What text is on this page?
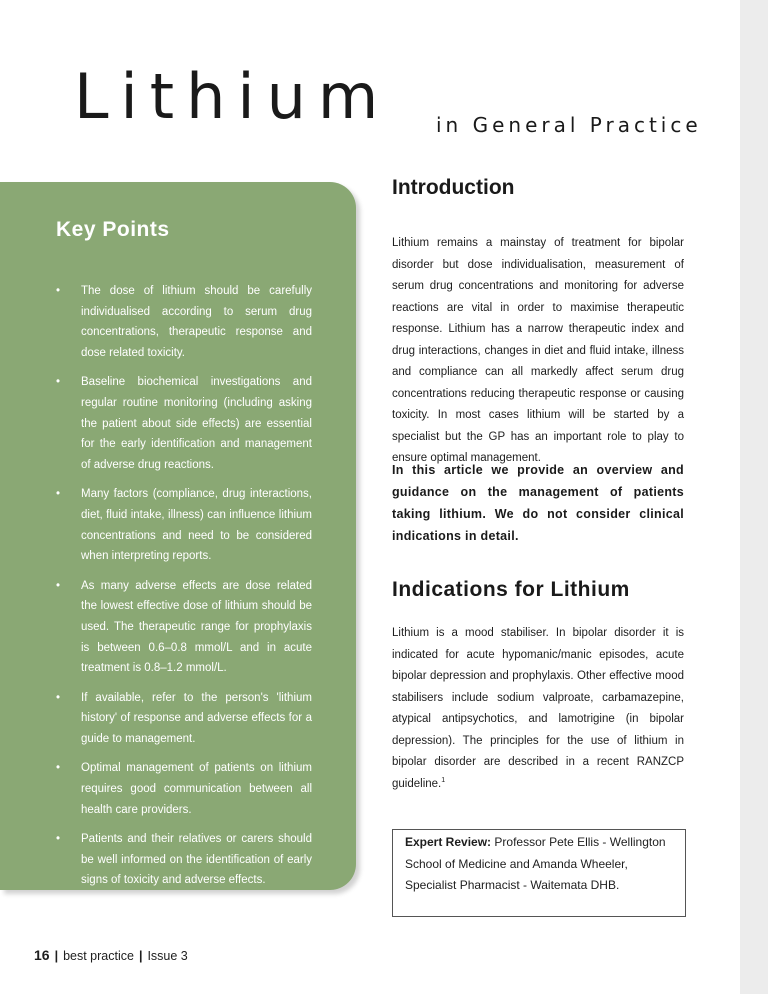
Lithium in General Practice
Key Points
• The dose of lithium should be carefully individualised according to serum drug concentrations, therapeutic response and dose related toxicity.
• Baseline biochemical investigations and regular routine monitoring (including asking the patient about side effects) are essential for the early identification and management of adverse drug reactions.
• Many factors (compliance, drug interactions, diet, fluid intake, illness) can influence lithium concentrations and need to be considered when interpreting reports.
• As many adverse effects are dose related the lowest effective dose of lithium should be used. The therapeutic range for prophylaxis is between 0.6–0.8 mmol/L and in acute treatment is 0.8–1.2 mmol/L.
• If available, refer to the person's 'lithium history' of response and adverse effects for a guide to management.
• Optimal management of patients on lithium requires good communication between all health care providers.
• Patients and their relatives or carers should be well informed on the identification of early signs of toxicity and adverse effects.
Introduction

Lithium remains a mainstay of treatment for bipolar disorder but dose individualisation, measurement of serum drug concentrations and monitoring for adverse reactions are vital in order to maximise therapeutic response. Lithium has a narrow therapeutic index and drug interactions, changes in diet and fluid intake, illness and compliance can all markedly affect serum drug concentrations reducing therapeutic response or causing toxicity. In most cases lithium will be started by a specialist but the GP has an important role to play to ensure optimal management.

In this article we provide an overview and guidance on the management of patients taking lithium. We do not consider clinical indications in detail.

Indications for Lithium

Lithium is a mood stabiliser. In bipolar disorder it is indicated for acute hypomanic/manic episodes, acute bipolar depression and prophylaxis. Other effective mood stabilisers include sodium valproate, carbamazepine, atypical antipsychotics, and lamotrigine (in bipolar depression). The principles for the use of lithium in bipolar disorder are described in a recent RANZCP guideline.$^1$

Expert Review: Professor Pete Ellis - Wellington School of Medicine and Amanda Wheeler, Specialist Pharmacist - Waitemata DHB.
16 | best practice | Issue 3
